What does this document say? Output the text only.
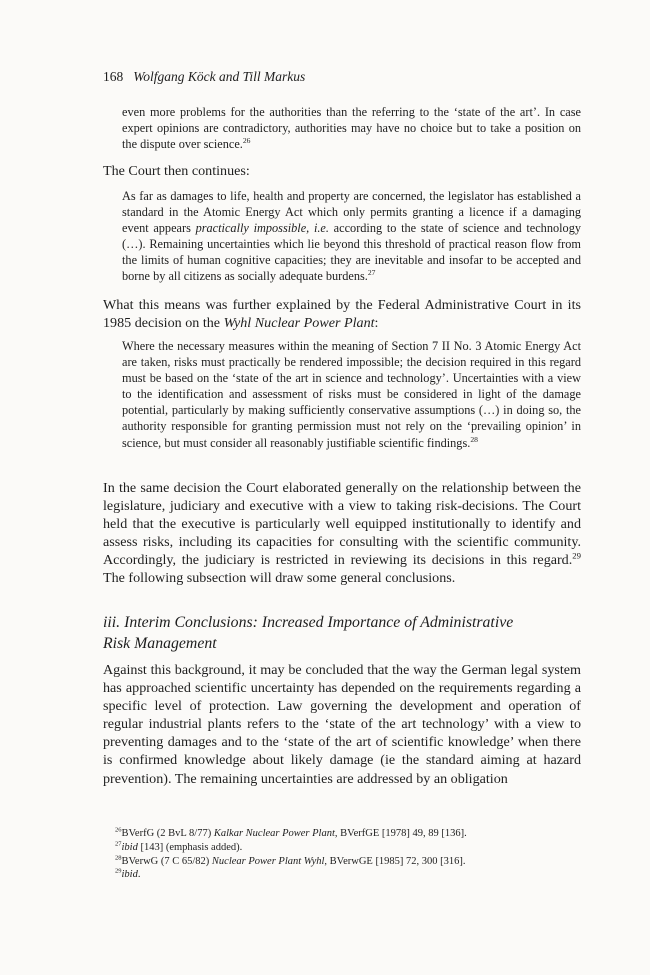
168 Wolfgang Köck and Till Markus

even more problems for the authorities than the referring to the ‘state of the art’. In case expert opinions are contradictory, authorities may have no choice but to take a position on the dispute over science.$^{26}$

The Court then continues:

As far as damages to life, health and property are concerned, the legislator has established a standard in the Atomic Energy Act which only permits granting a licence if a damaging event appears practically impossible, i.e. according to the state of science and technology (…). Remaining uncertainties which lie beyond this threshold of practical reason flow from the limits of human cognitive capacities; they are inevitable and insofar to be accepted and borne by all citizens as socially adequate burdens.$^{27}$

What this means was further explained by the Federal Administrative Court in its 1985 decision on the Wyhl Nuclear Power Plant:

Where the necessary measures within the meaning of Section 7 II No. 3 Atomic Energy Act are taken, risks must practically be rendered impossible; the decision required in this regard must be based on the ‘state of the art in science and technology’. Uncertainties with a view to the identification and assessment of risks must be considered in light of the damage potential, particularly by making sufficiently conservative assumptions (…) in doing so, the authority responsible for granting permission must not rely on the ‘prevailing opinion’ in science, but must consider all reasonably justifiable scientific findings.$^{28}$

In the same decision the Court elaborated generally on the relationship between the legislature, judiciary and executive with a view to taking risk-decisions. The Court held that the executive is particularly well equipped institutionally to identify and assess risks, including its capacities for consulting with the scientific community. Accordingly, the judiciary is restricted in reviewing its decisions in this regard.$^{29}$ The following subsection will draw some general conclusions.

iii. Interim Conclusions: Increased Importance of Administrative
Risk Management

Against this background, it may be concluded that the way the German legal system has approached scientific uncertainty has depended on the requirements regarding a specific level of protection. Law governing the development and operation of regular industrial plants refers to the ‘state of the art technology’ with a view to preventing damages and to the ‘state of the art of scientific knowledge’ when there is confirmed knowledge about likely damage (ie the standard aiming at hazard prevention). The remaining uncertainties are addressed by an obligation

$^{26}$BVerfG (2 BvL 8/77) Kalkar Nuclear Power Plant, BVerfGE [1978] 49, 89 [136].
$^{27}$ibid [143] (emphasis added).
$^{28}$BVerwG (7 C 65/82) Nuclear Power Plant Wyhl, BVerwGE [1985] 72, 300 [316].
$^{29}$ibid.
